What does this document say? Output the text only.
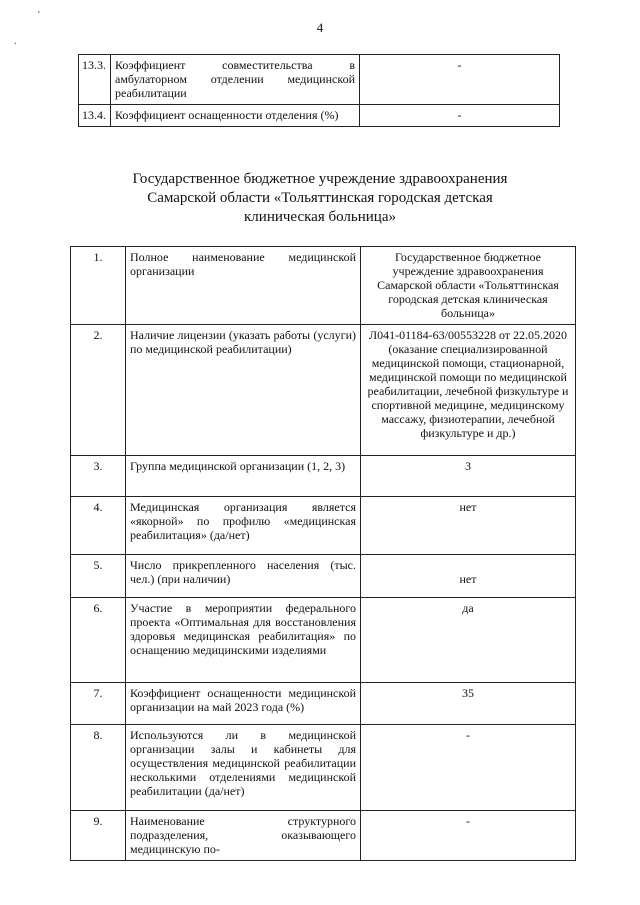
4
'
.
13.3.	Коэффициент совместительства в амбулаторном отделении медицинской реабилитации	-
13.4.	Коэффициент оснащенности отделения (%)	-
Государственное бюджетное учреждение здравоохранения Самарской области «Тольяттинская городская детская клиническая больница»
1.	Полное наименование медицинской организации	Государственное бюджетное учреждение здравоохранения Самарской области «Тольяттинская городская детская клиническая больница»
2.	Наличие лицензии (указать работы (услуги) по медицинской реабилитации)	Л041-01184-63/00553228 от 22.05.2020 (оказание специализированной медицинской помощи, стационарной, медицинской помощи по медицинской реабилитации, лечебной физкультуре и спортивной медицине, медицинскому массажу, физиотерапии, лечебной физкультуре и др.)
3.	Группа медицинской организации (1, 2, 3)	3
4.	Медицинская организация является «якорной» по профилю «медицинская реабилитация» (да/нет)	нет
5.	Число прикрепленного населения (тыс. чел.) (при наличии)	нет
6.	Участие в мероприятии федерального проекта «Оптимальная для восстановления здоровья медицинская реабилитация» по оснащению медицинскими изделиями	да
7.	Коэффициент оснащенности медицинской организации на май 2023 года (%)	35
8.	Используются ли в медицинской организации залы и кабинеты для осуществления медицинской реабилитации несколькими отделениями медицинской реабилитации (да/нет)	-
9.	Наименование структурного подразделения, оказывающего медицинскую по-	-
